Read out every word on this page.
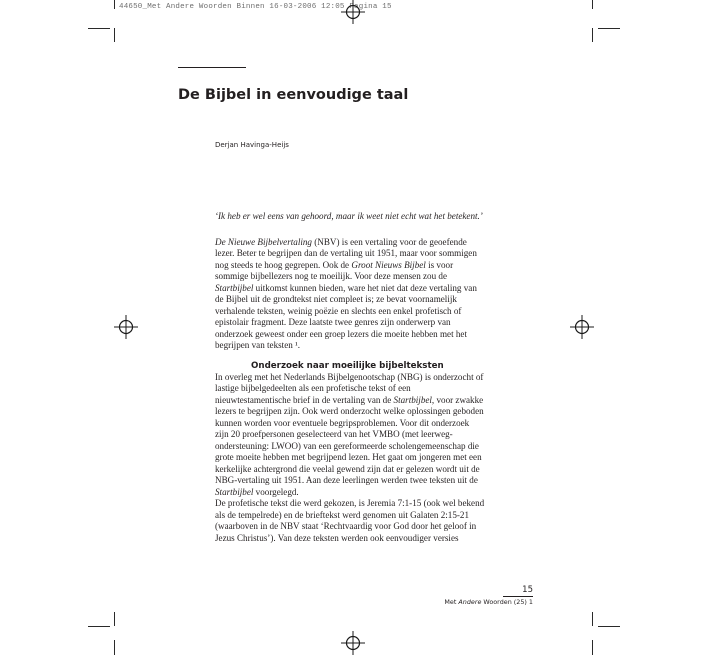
44650_Met Andere Woorden Binnen 16-03-2006 12:05 Pagina 15
De Bijbel in eenvoudige taal
Derjan Havinga-Heijs

‘Ik heb er wel eens van gehoord, maar ik weet niet echt wat het betekent.’

De Nieuwe Bijbelvertaling (NBV) is een vertaling voor de geoefende
lezer. Beter te begrijpen dan de vertaling uit 1951, maar voor sommigen
nog steeds te hoog gegrepen. Ook de Groot Nieuws Bijbel is voor
sommige bijbellezers nog te moeilijk. Voor deze mensen zou de
Startbijbel uitkomst kunnen bieden, ware het niet dat deze vertaling van
de Bijbel uit de grondtekst niet compleet is; ze bevat voornamelijk
verhalende teksten, weinig poëzie en slechts een enkel profetisch of
epistolair fragment. Deze laatste twee genres zijn onderwerp van
onderzoek geweest onder een groep lezers die moeite hebben met het
begrijpen van teksten ¹.

Onderzoek naar moeilijke bijbelteksten

In overleg met het Nederlands Bijbelgenootschap (NBG) is onderzocht of
lastige bijbelgedeelten als een profetische tekst of een
nieuwtestamentische brief in de vertaling van de Startbijbel, voor zwakke
lezers te begrijpen zijn. Ook werd onderzocht welke oplossingen geboden
kunnen worden voor eventuele begripsproblemen. Voor dit onderzoek
zijn 20 proefpersonen geselecteerd van het VMBO (met leerweg-
ondersteuning: LWOO) van een gereformeerde scholengemeenschap die
grote moeite hebben met begrijpend lezen. Het gaat om jongeren met een
kerkelijke achtergrond die veelal gewend zijn dat er gelezen wordt uit de
NBG-vertaling uit 1951. Aan deze leerlingen werden twee teksten uit de
Startbijbel voorgelegd.

De profetische tekst die werd gekozen, is Jeremia 7:1-15 (ook wel bekend
als de tempelrede) en de brieftekst werd genomen uit Galaten 2:15-21
(waarboven in de NBV staat ‘Rechtvaardig voor God door het geloof in
Jezus Christus’). Van deze teksten werden ook eenvoudiger versies

15
Met Andere Woorden (25) 1
